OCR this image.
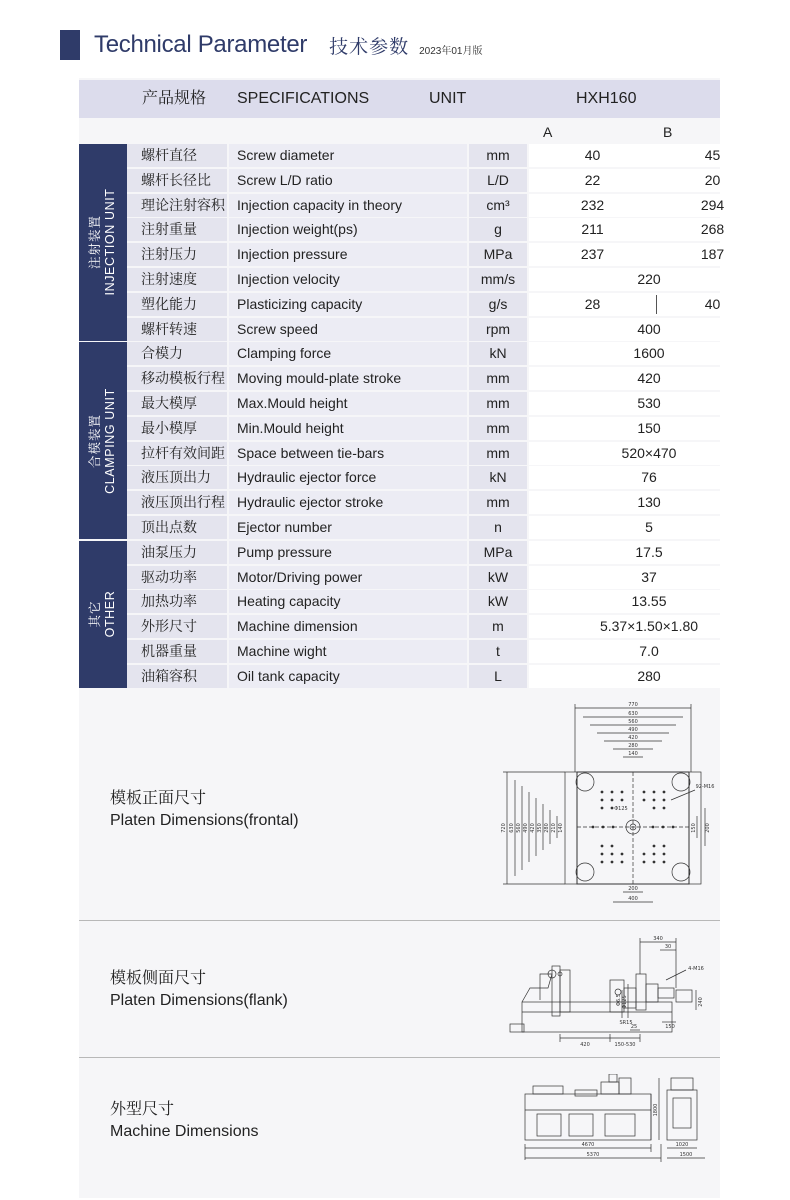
Technical Parameter 技术参数 2023年01月版
产品规格 SPECIFICATIONS	UNIT	HXH160
A	B
注射装置 INJECTION UNIT
合模装置 CLAMPING UNIT
其它 OTHER
螺杆直径	Screw diameter	mm	40	45
螺杆长径比	Screw L/D ratio	L/D	22	20
理论注射容积 Injection capacity in theory	cm³	232	294
注射重量	Injection weight(ps)	g	211	268
注射压力	Injection pressure	MPa	237	187
注射速度	Injection velocity	mm/s	220
塑化能力	Plasticizing capacity	g/s	28	40
螺杆转速	Screw speed	rpm	400
合模力	Clamping force	kN	1600
移动模板行程 Moving mould-plate stroke	mm	420
最大模厚	Max.Mould height	mm	530
最小模厚	Min.Mould height	mm	150
拉杆有效间距 Space between tie-bars	mm	520×470
液压顶出力	Hydraulic ejector force	kN	76
液压顶出行程 Hydraulic ejector stroke	mm	130
顶出点数	Ejector number	n	5
油泵压力	Pump pressure	MPa	17.5
驱动功率	Motor/Driving power	kW	37
加热功率	Heating capacity	kW	13.55
外形尺寸	Machine dimension	m	5.37×1.50×1.80
机器重量	Machine wight	t	7.0
油箱容积	Oil tank capacity	L	280
模板正面尺寸
Platen Dimensions(frontal)
770
630
560
490
420
280
140
720 630 560 490 420 350 280 210 140
200
400
150 200
92-M16
Φ125
模板侧面尺寸
Platen Dimensions(flank)
340
30
4-M16
Φ6.5 Φ125
SR15
240
150
420	150-530
25
外型尺寸
Machine Dimensions
4670
5370
1800
1020
1500
